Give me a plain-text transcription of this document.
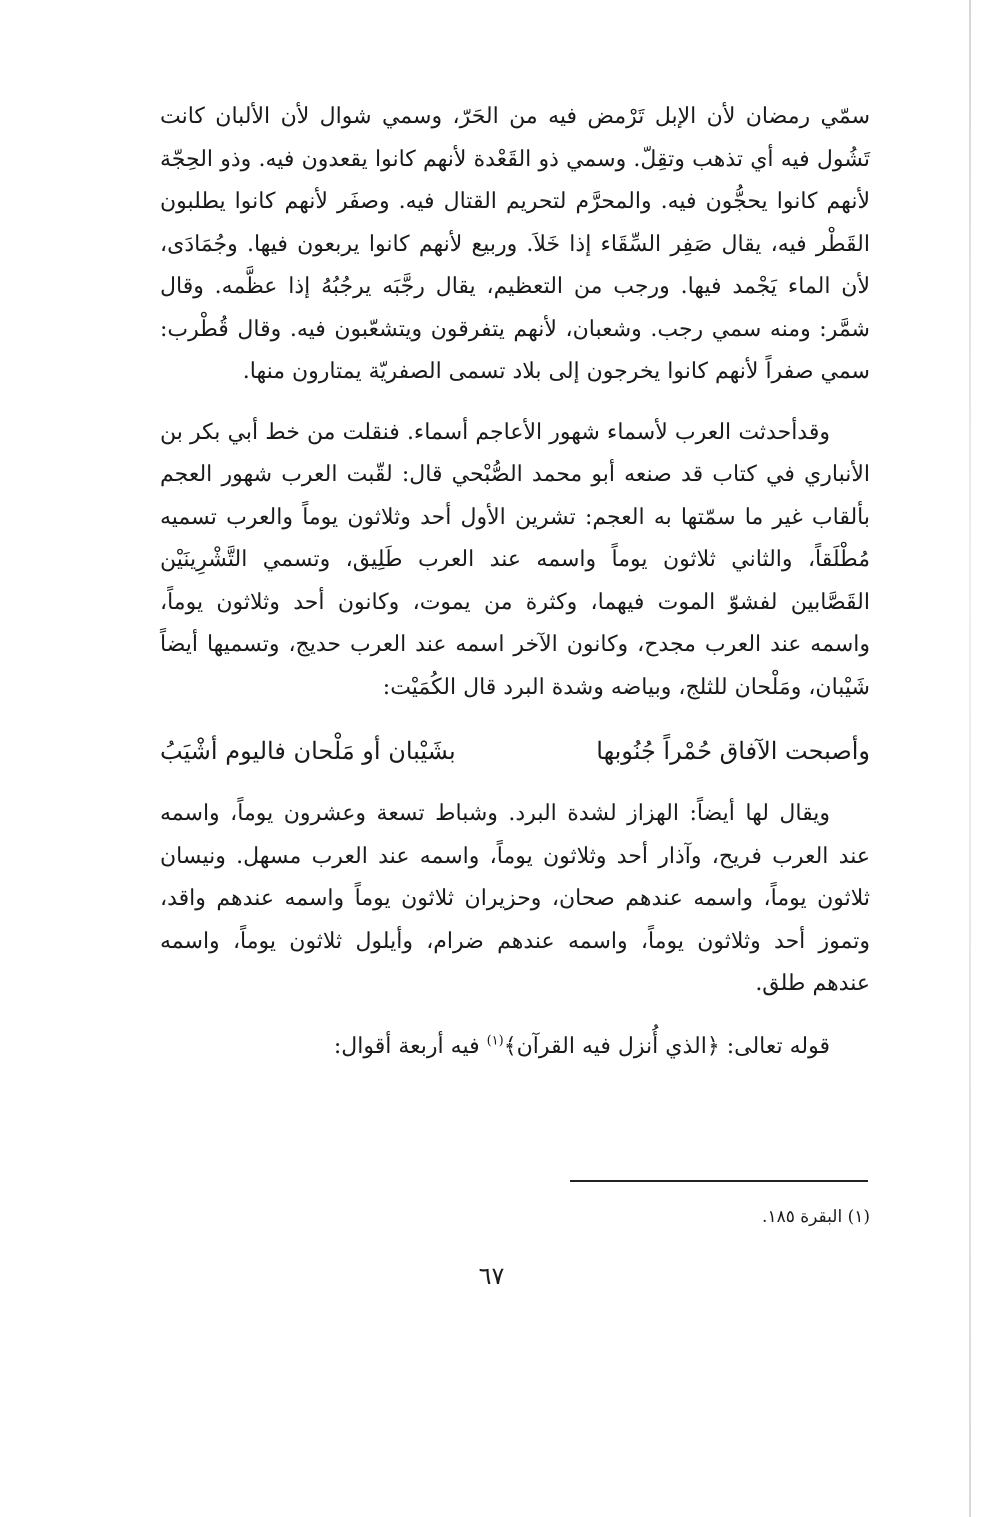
سمّي رمضان لأن الإبل تَرْمض فيه من الحَرّ، وسمي شوال لأن الألبان كانت تَشُول فيه أي تذهب وتقِلّ. وسمي ذو القَعْدة لأنهم كانوا يقعدون فيه. وذو الحِجّة لأنهم كانوا يحجُّون فيه. والمحرَّم لتحريم القتال فيه. وصفَر لأنهم كانوا يطلبون القَطْر فيه، يقال صَفِر السِّقَاء إذا خَلاَ. وربيع لأنهم كانوا يربعون فيها. وجُمَادَى، لأن الماء يَجْمد فيها. ورجب من التعظيم، يقال رجَّبَه يرجُبُهُ إذا عظَّمه. وقال شمَّر: ومنه سمي رجب. وشعبان، لأنهم يتفرقون ويتشعّبون فيه. وقال قُطْرب: سمي صفراً لأنهم كانوا يخرجون إلى بلاد تسمى الصفريّة يمتارون منها.

وقدأحدثت العرب لأسماء شهور الأعاجم أسماء. فنقلت من خط أبي بكر بن الأنباري في كتاب قد صنعه أبو محمد الصُّبْحي قال: لقّبت العرب شهور العجم بألقاب غير ما سمّتها به العجم: تشرين الأول أحد وثلاثون يوماً والعرب تسميه مُطْلَقاً، والثاني ثلاثون يوماً واسمه عند العرب طَلِيق، وتسمي التَّشْرِينَيْن القَصَّابين لفشوّ الموت فيهما، وكثرة من يموت، وكانون أحد وثلاثون يوماً، واسمه عند العرب مجدح، وكانون الآخر اسمه عند العرب حديج، وتسميها أيضاً شَيْبان، ومَلْحان للثلج، وبياضه وشدة البرد قال الكُمَيْت:

وأصبحت الآفاق حُمْراً جُنُوبها
بشَيْبان أو مَلْحان فاليوم أشْيَبُ

ويقال لها أيضاً: الهزاز لشدة البرد. وشباط تسعة وعشرون يوماً، واسمه عند العرب فريح، وآذار أحد وثلاثون يوماً، واسمه عند العرب مسهل. ونيسان ثلاثون يوماً، واسمه عندهم صحان، وحزيران ثلاثون يوماً واسمه عندهم واقد، وتموز أحد وثلاثون يوماً، واسمه عندهم ضرام، وأيلول ثلاثون يوماً، واسمه عندهم طلق.

قوله تعالى: ﴿الذي أُنزل فيه القرآن﴾$^{(١)}$ فيه أربعة أقوال:

(١) البقرة ١٨٥.
٦٧
